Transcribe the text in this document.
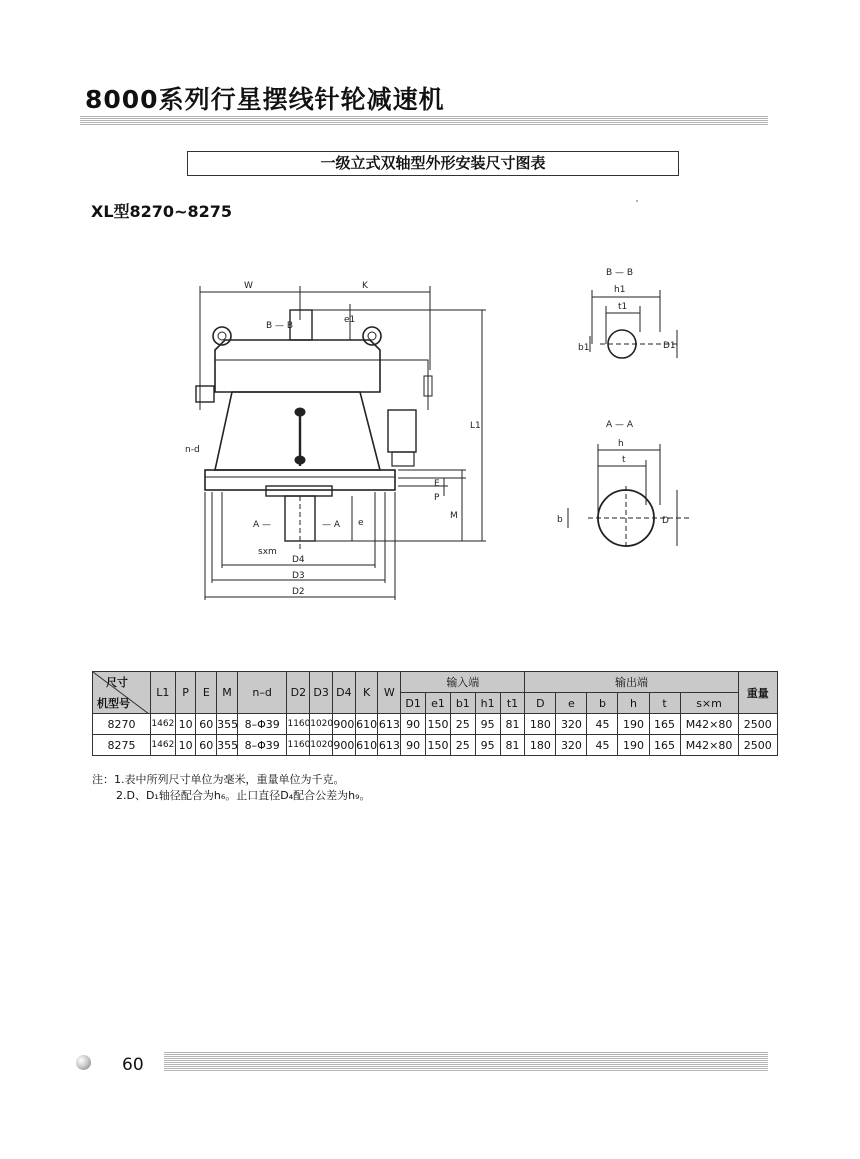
8000系列行星摆线针轮减速机
一级立式双轴型外形安装尺寸图表
XL型8270~8275
W	K
B — B
e1
L1
n-d
P
E
M
A —	— A e
sxm
D4
D3
D2
B — B
h1
t1
b1	D1
A — A
h
t
b	D
尺寸
机型号	L1	P	E	M	n–d	D2	D3	D4	K	W	输入端					输出端						重量
											D1	e1	b1	h1	t1	D	e	b	h	t	s×m	
8270	1462	10	60	355	8–Φ39	1160	1020	900	610	613	90	150	25	95	81	180	320	45	190	165	M42×80	2500
8275	1462	10	60	355	8–Φ39	1160	1020	900	610	613	90	150	25	95	81	180	320	45	190	165	M42×80	2500
注：1.表中所列尺寸单位为毫米，重量单位为千克。
2.D、D₁轴径配合为h₆。止口直径D₄配合公差为h₉。
60
